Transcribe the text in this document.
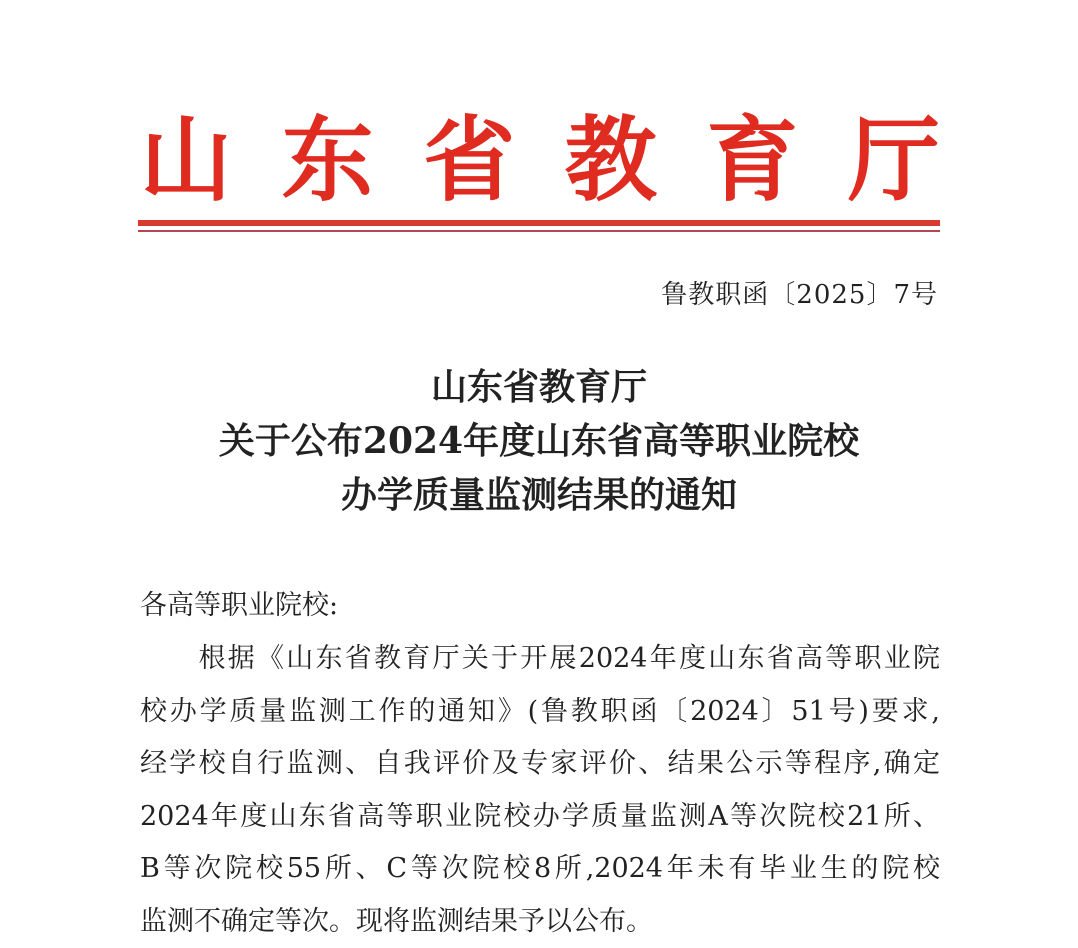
山 东 省 教 育 厅
鲁教职函〔2025〕7号
山东省教育厅
关于公布2024年度山东省高等职业院校
办学质量监测结果的通知
各高等职业院校:
　　根据《山东省教育厅关于开展2024年度山东省高等职业院
校办学质量监测工作的通知》(鲁教职函〔2024〕51号)要求,
经学校自行监测、自我评价及专家评价、结果公示等程序,确定
2024年度山东省高等职业院校办学质量监测A等次院校21所、
B等次院校55所、C等次院校8所,2024年未有毕业生的院校
监测不确定等次。现将监测结果予以公布。
